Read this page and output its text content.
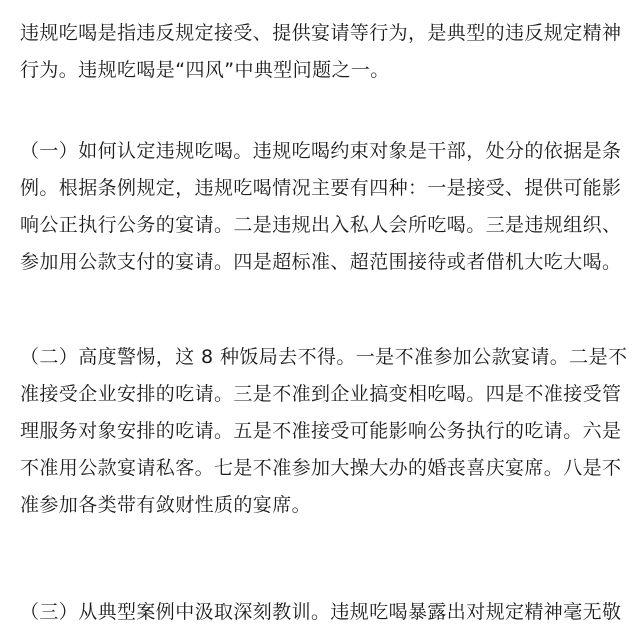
违规吃喝是指违反规定接受、提供宴请等行为，是典型的违反规定精神
行为。违规吃喝是“四风”中典型问题之一。
（一）如何认定违规吃喝。违规吃喝约束对象是干部，处分的依据是条
例。根据条例规定，违规吃喝情况主要有四种：一是接受、提供可能影
响公正执行公务的宴请。二是违规出入私人会所吃喝。三是违规组织、
参加用公款支付的宴请。四是超标准、超范围接待或者借机大吃大喝。
（二）高度警惕，这 8 种饭局去不得。一是不准参加公款宴请。二是不
准接受企业安排的吃请。三是不准到企业搞变相吃喝。四是不准接受管
理服务对象安排的吃请。五是不准接受可能影响公务执行的吃请。六是
不准用公款宴请私客。七是不准参加大操大办的婚丧喜庆宴席。八是不
准参加各类带有敛财性质的宴席。
（三）从典型案例中汲取深刻教训。违规吃喝暴露出对规定精神毫无敬
